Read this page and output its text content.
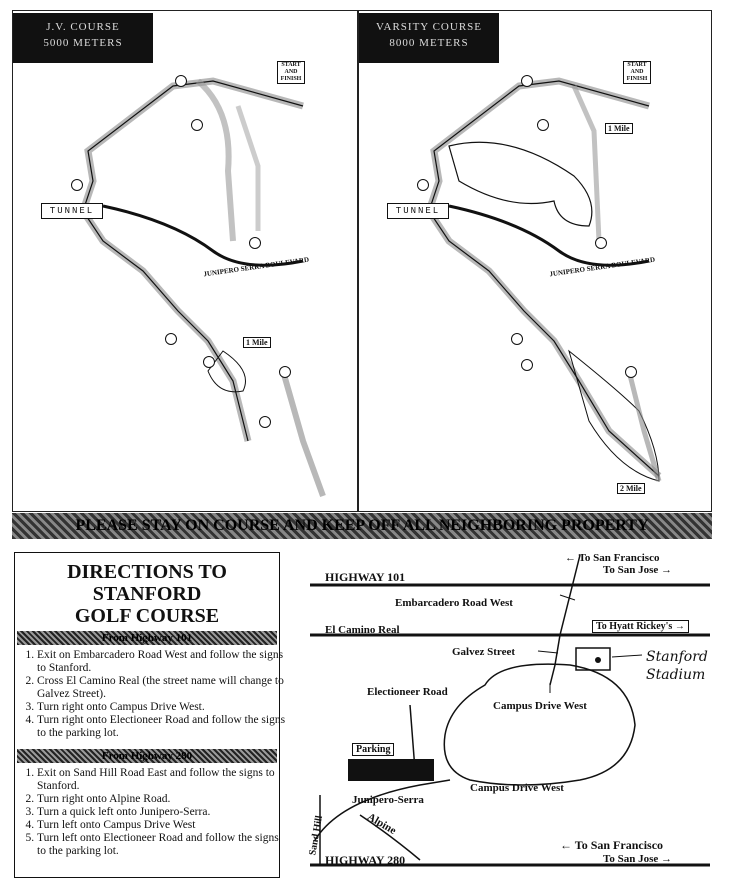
J.V. COURSE
5000 METERS
START AND FINISH
TUNNEL
1 Mile
JUNIPERO SERRA BOULEVARD
VARSITY COURSE
8000 METERS
START AND FINISH
TUNNEL
1 Mile
2 Mile
JUNIPERO SERRA BOULEVARD
PLEASE STAY ON COURSE AND KEEP OFF ALL NEIGHBORING PROPERTY
DIRECTIONS TO
STANFORD
GOLF COURSE
From Highway 101
1. Exit on Embarcadero Road West and follow the signs to Stanford.
2. Cross El Camino Real (the street name will change to Galvez Street).
3. Turn right onto Campus Drive West.
4. Turn right onto Electioneer Road and follow the signs to the parking lot.
From Highway 280
1. Exit on Sand Hill Road East and follow the signs to Stanford.
2. Turn right onto Alpine Road.
3. Turn a quick left onto Junipero-Serra.
4. Turn left onto Campus Drive West
5. Turn left onto Electioneer Road and follow the signs to the parking lot.
← To San Francisco
To San Jose →
HIGHWAY 101
Embarcadero Road West
El Camino Real	To Hyatt Rickey's →
Galvez Street	Stanford Stadium
Electioneer Road
Campus Drive West
Parking
Campus Drive West
Junipero-Serra
Alpine
Sand Hill	← To San Francisco
To San Jose →
HIGHWAY 280
